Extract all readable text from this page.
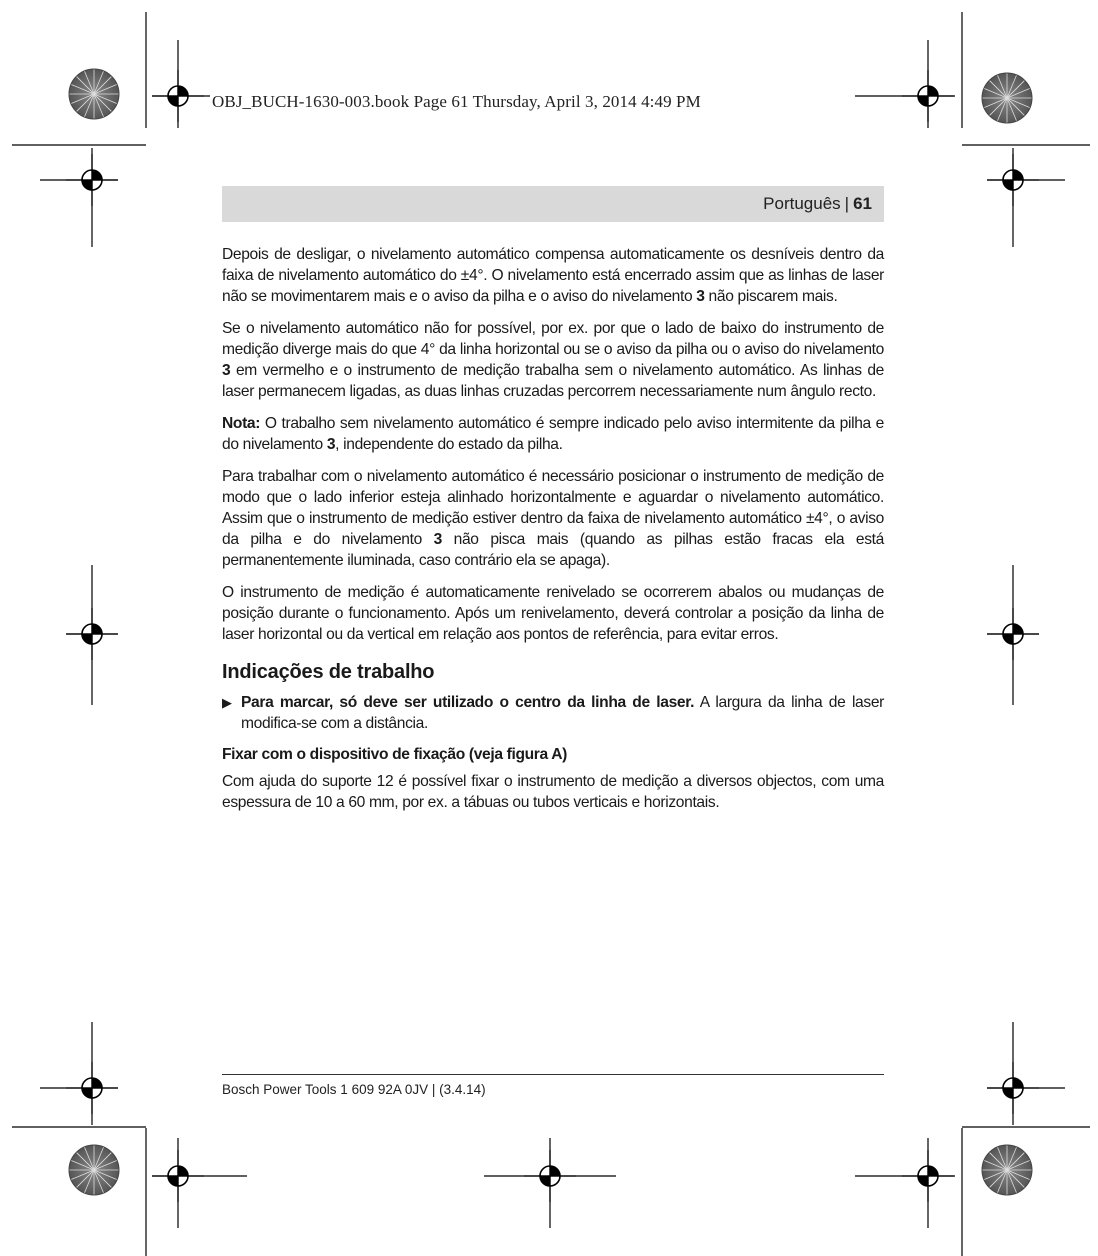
OBJ_BUCH-1630-003.book Page 61 Thursday, April 3, 2014 4:49 PM
Português | 61

Depois de desligar, o nivelamento automático compensa automaticamente os desníveis dentro da faixa de nivelamento automático do ±4°. O nivelamento está encerrado assim que as linhas de laser não se movimentarem mais e o aviso da pilha e o aviso do nivelamento 3 não piscarem mais.

Se o nivelamento automático não for possível, por ex. por que o lado de baixo do instrumento de medição diverge mais do que 4° da linha horizontal ou se o aviso da pilha ou o aviso do nivelamento 3 em vermelho e o instrumento de medição trabalha sem o nivelamento automático. As linhas de laser permanecem ligadas, as duas linhas cruzadas percorrem necessariamente num ângulo recto.

Nota: O trabalho sem nivelamento automático é sempre indicado pelo aviso intermitente da pilha e do nivelamento 3, independente do estado da pilha.

Para trabalhar com o nivelamento automático é necessário posicionar o instrumento de medição de modo que o lado inferior esteja alinhado horizontalmente e aguardar o nivelamento automático. Assim que o instrumento de medição estiver dentro da faixa de nivelamento automático ±4°, o aviso da pilha e do nivelamento 3 não pisca mais (quando as pilhas estão fracas ela está permanentemente iluminada, caso contrário ela se apaga).

O instrumento de medição é automaticamente renivelado se ocorrerem abalos ou mudanças de posição durante o funcionamento. Após um renivelamento, deverá controlar a posição da linha de laser horizontal ou da vertical em relação aos pontos de referência, para evitar erros.

Indicações de trabalho
▶ Para marcar, só deve ser utilizado o centro da linha de laser. A largura da linha de laser modifica-se com a distância.
Fixar com o dispositivo de fixação (veja figura A)

Com ajuda do suporte 12 é possível fixar o instrumento de medição a diversos objectos, com uma espessura de 10 a 60 mm, por ex. a tábuas ou tubos verticais e horizontais.

Bosch Power Tools 1 609 92A 0JV | (3.4.14)
